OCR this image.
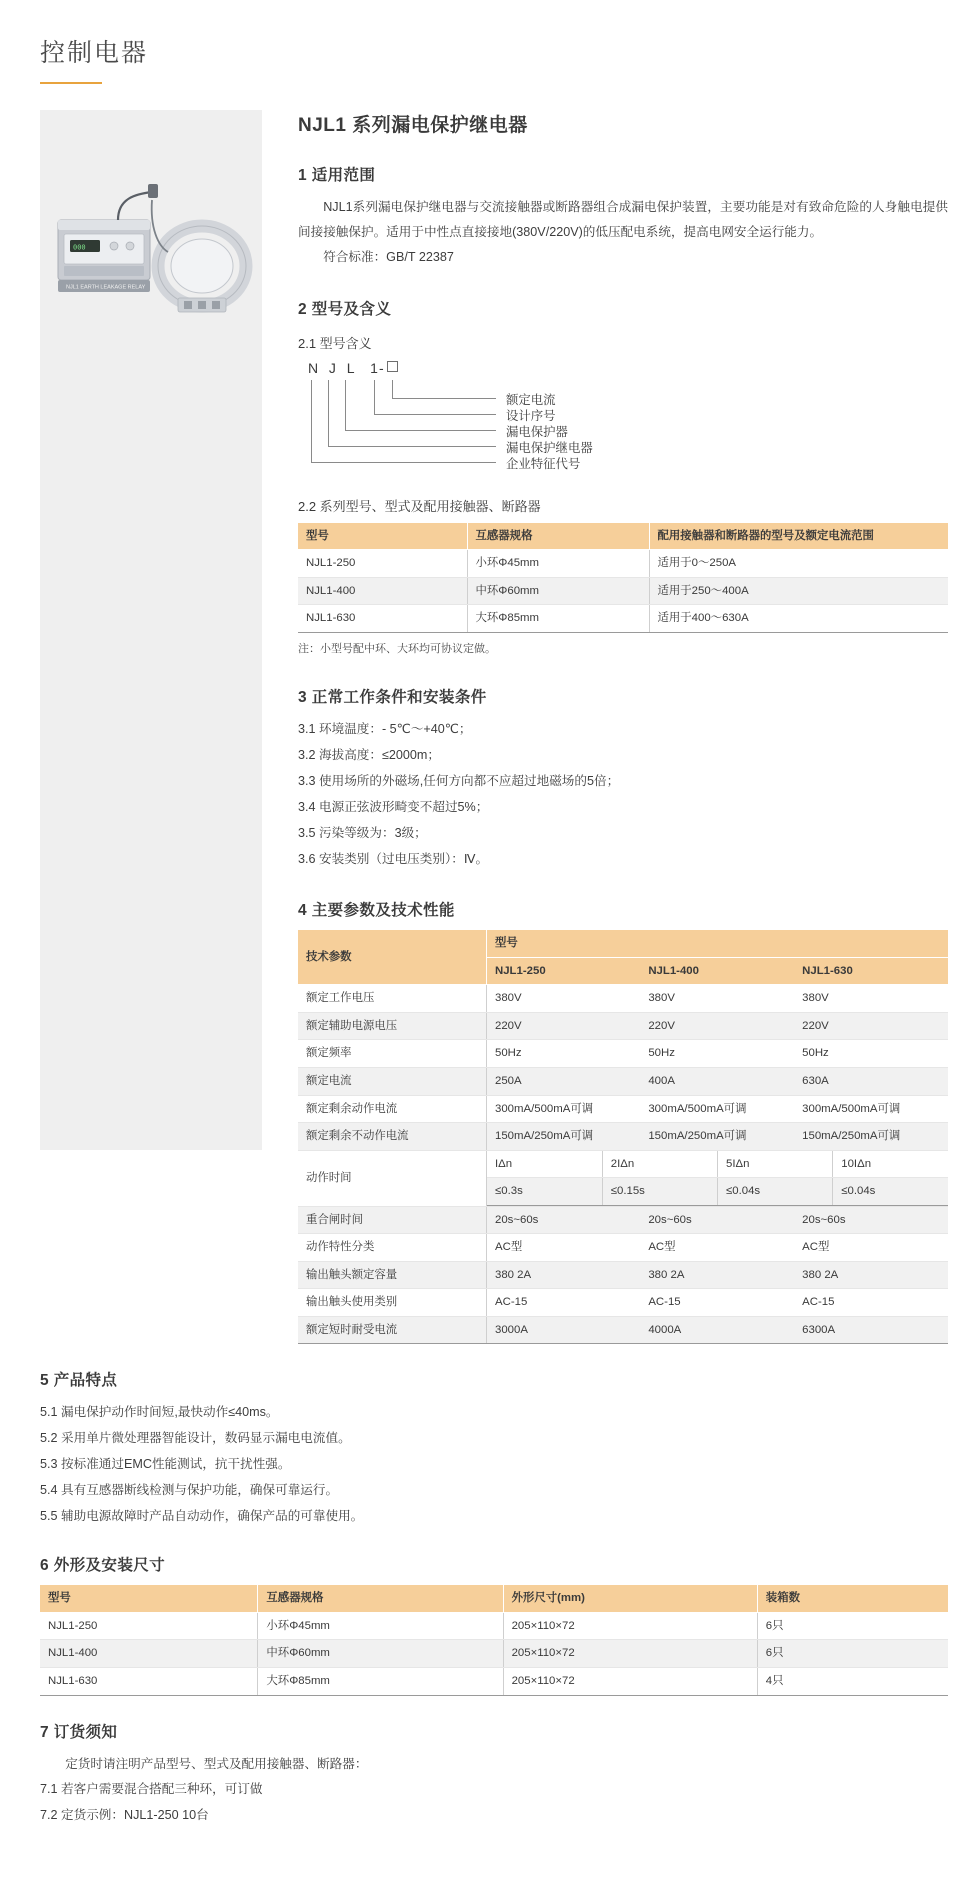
控制电器
000
NJL1 EARTH LEAKAGE RELAY
NJL1 系列漏电保护继电器
1 适用范围

NJL1系列漏电保护继电器与交流接触器或断路器组合成漏电保护装置，主要功能是对有致命危险的人身触电提供间接接触保护。适用于中性点直接接地(380V/220V)的低压配电系统，提高电网安全运行能力。

符合标准：GB/T 22387

2 型号及含义
2.1 型号含义
N J L 1-
额定电流
设计序号
漏电保护器
漏电保护继电器
企业特征代号
2.2 系列型号、型式及配用接触器、断路器
型号	互感器规格	配用接触器和断路器的型号及额定电流范围
NJL1-250	小环Φ45mm	适用于0～250A
NJL1-400	中环Φ60mm	适用于250～400A
NJL1-630	大环Φ85mm	适用于400～630A
注：小型号配中环、大环均可协议定做。
3 正常工作条件和安装条件

3.1 环境温度：- 5℃～+40℃；

3.2 海拔高度：≤2000m；

3.3 使用场所的外磁场,任何方向都不应超过地磁场的5倍；

3.4 电源正弦波形畸变不超过5%；

3.5 污染等级为：3级；

3.6 安装类别（过电压类别）：Ⅳ。

4 主要参数及技术性能
技术参数	型号
NJL1-250	NJL1-400	NJL1-630
额定工作电压	380V	380V	380V
额定辅助电源电压	220V	220V	220V
额定频率	50Hz	50Hz	50Hz
额定电流	250A	400A	630A
额定剩余动作电流	300mA/500mA可调	300mA/500mA可调	300mA/500mA可调
额定剩余不动作电流	150mA/250mA可调	150mA/250mA可调	150mA/250mA可调
动作时间	
IΔn	2IΔn	5IΔn	10IΔn
≤0.3s	≤0.15s	≤0.04s	≤0.04s

重合闸时间	20s~60s	20s~60s	20s~60s
动作特性分类	AC型	AC型	AC型
输出触头额定容量	380 2A	380 2A	380 2A
输出触头使用类别	AC-15	AC-15	AC-15
额定短时耐受电流	3000A	4000A	6300A
5 产品特点

5.1 漏电保护动作时间短,最快动作≤40ms。

5.2 采用单片微处理器智能设计，数码显示漏电电流值。

5.3 按标准通过EMC性能测试，抗干扰性强。

5.4 具有互感器断线检测与保护功能，确保可靠运行。

5.5 辅助电源故障时产品自动动作，确保产品的可靠使用。

6 外形及安装尺寸
型号	互感器规格	外形尺寸(mm)	装箱数
NJL1-250	小环Φ45mm	205×110×72	6只
NJL1-400	中环Φ60mm	205×110×72	6只
NJL1-630	大环Φ85mm	205×110×72	4只
7 订货须知

定货时请注明产品型号、型式及配用接触器、断路器：

7.1 若客户需要混合搭配三种环，可订做

7.2 定货示例：NJL1-250 10台
